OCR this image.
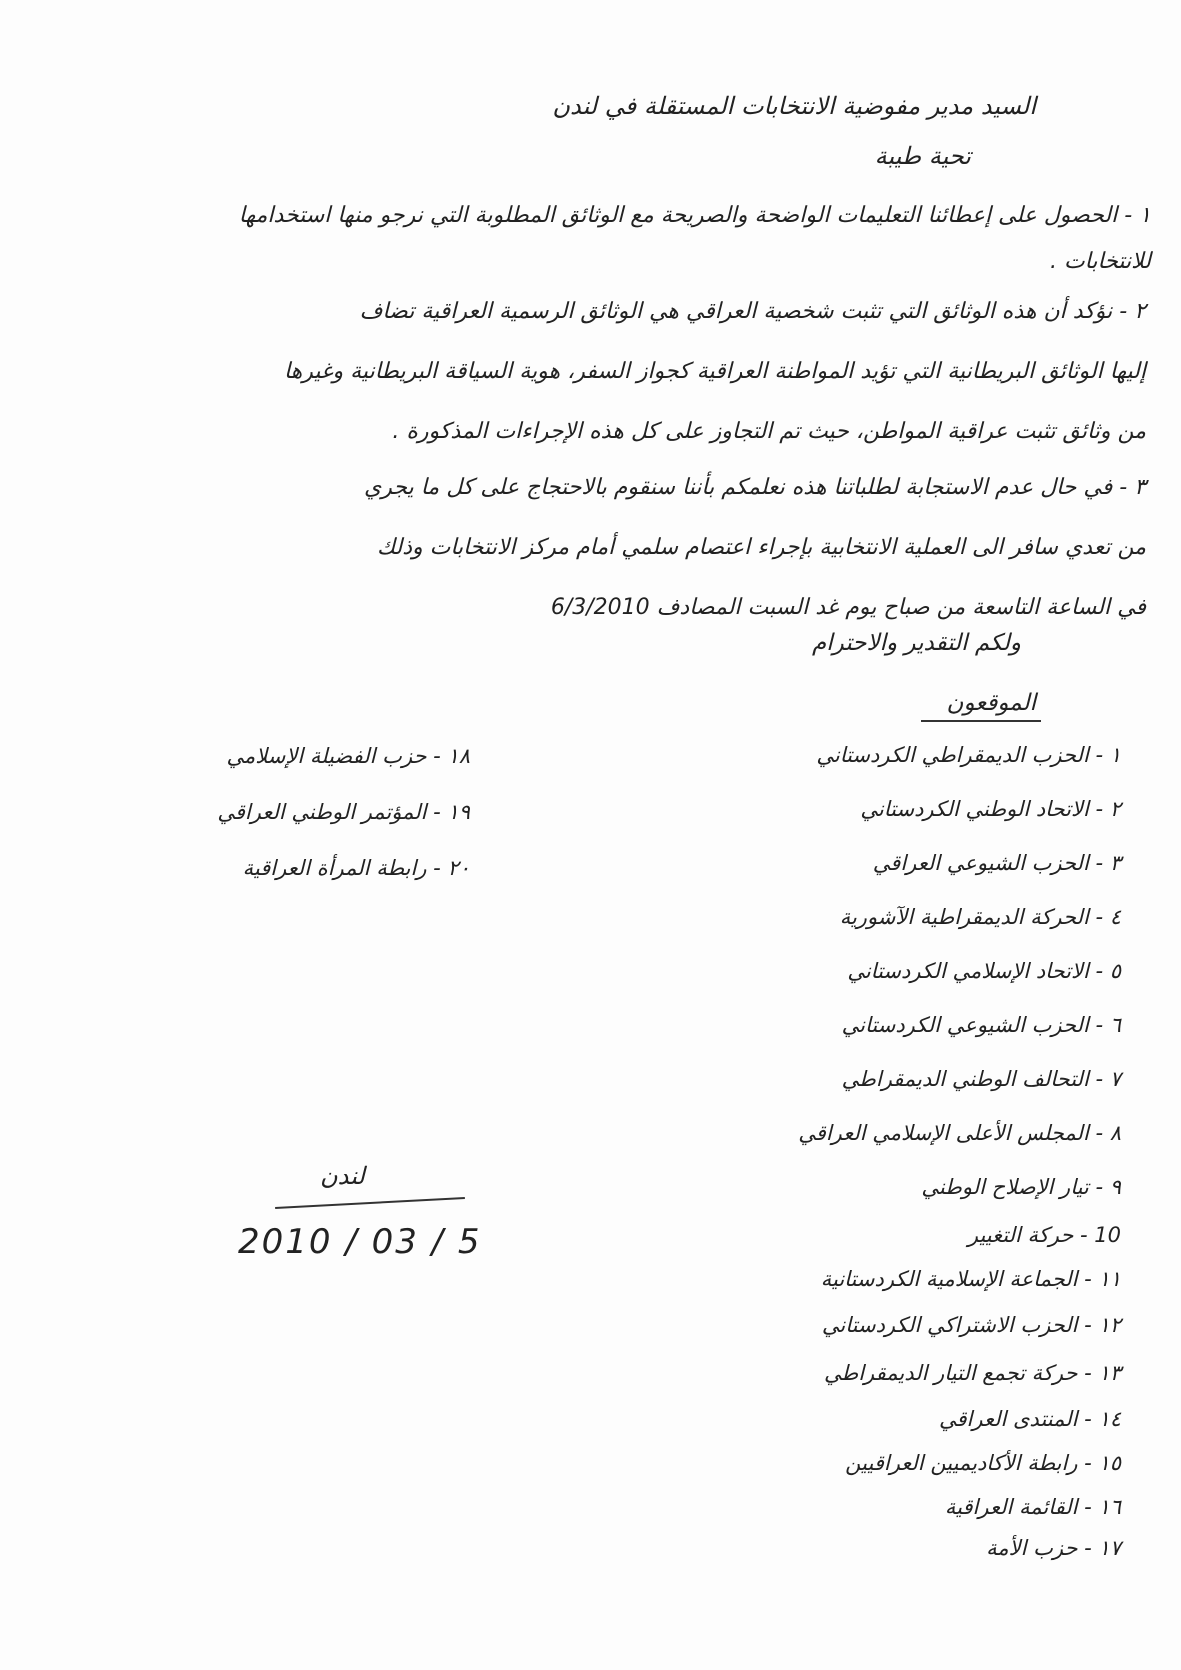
السيد مدير مفوضية الانتخابات المستقلة في لندن
تحية طيبة

١ - الحصول على إعطائنا التعليمات الواضحة والصريحة مع الوثائق المطلوبة التي نرجو منها استخدامها

للانتخابات .

٢ - نؤكد أن هذه الوثائق التي تثبت شخصية العراقي هي الوثائق الرسمية العراقية تضاف

إليها الوثائق البريطانية التي تؤيد المواطنة العراقية كجواز السفر، هوية السياقة البريطانية وغيرها

من وثائق تثبت عراقية المواطن، حيث تم التجاوز على كل هذه الإجراءات المذكورة .

٣ - في حال عدم الاستجابة لطلباتنا هذه نعلمكم بأننا سنقوم بالاحتجاج على كل ما يجري

من تعدي سافر الى العملية الانتخابية بإجراء اعتصام سلمي أمام مركز الانتخابات وذلك

في الساعة التاسعة من صباح يوم غد السبت المصادف 6/3/2010

ولكم التقدير والاحترام
الموقعون
١ - الحزب الديمقراطي الكردستاني
٢ - الاتحاد الوطني الكردستاني
٣ - الحزب الشيوعي العراقي
٤ - الحركة الديمقراطية الآشورية
٥ - الاتحاد الإسلامي الكردستاني
٦ - الحزب الشيوعي الكردستاني
٧ - التحالف الوطني الديمقراطي
٨ - المجلس الأعلى الإسلامي العراقي
٩ - تيار الإصلاح الوطني
10 - حركة التغيير
١١ - الجماعة الإسلامية الكردستانية
١٢ - الحزب الاشتراكي الكردستاني
١٣ - حركة تجمع التيار الديمقراطي
١٤ - المنتدى العراقي
١٥ - رابطة الأكاديميين العراقيين
١٦ - القائمة العراقية
١٧ - حزب الأمة
١٨ - حزب الفضيلة الإسلامي
١٩ - المؤتمر الوطني العراقي
٢٠ - رابطة المرأة العراقية
لندن
2010 / 03 / 5
